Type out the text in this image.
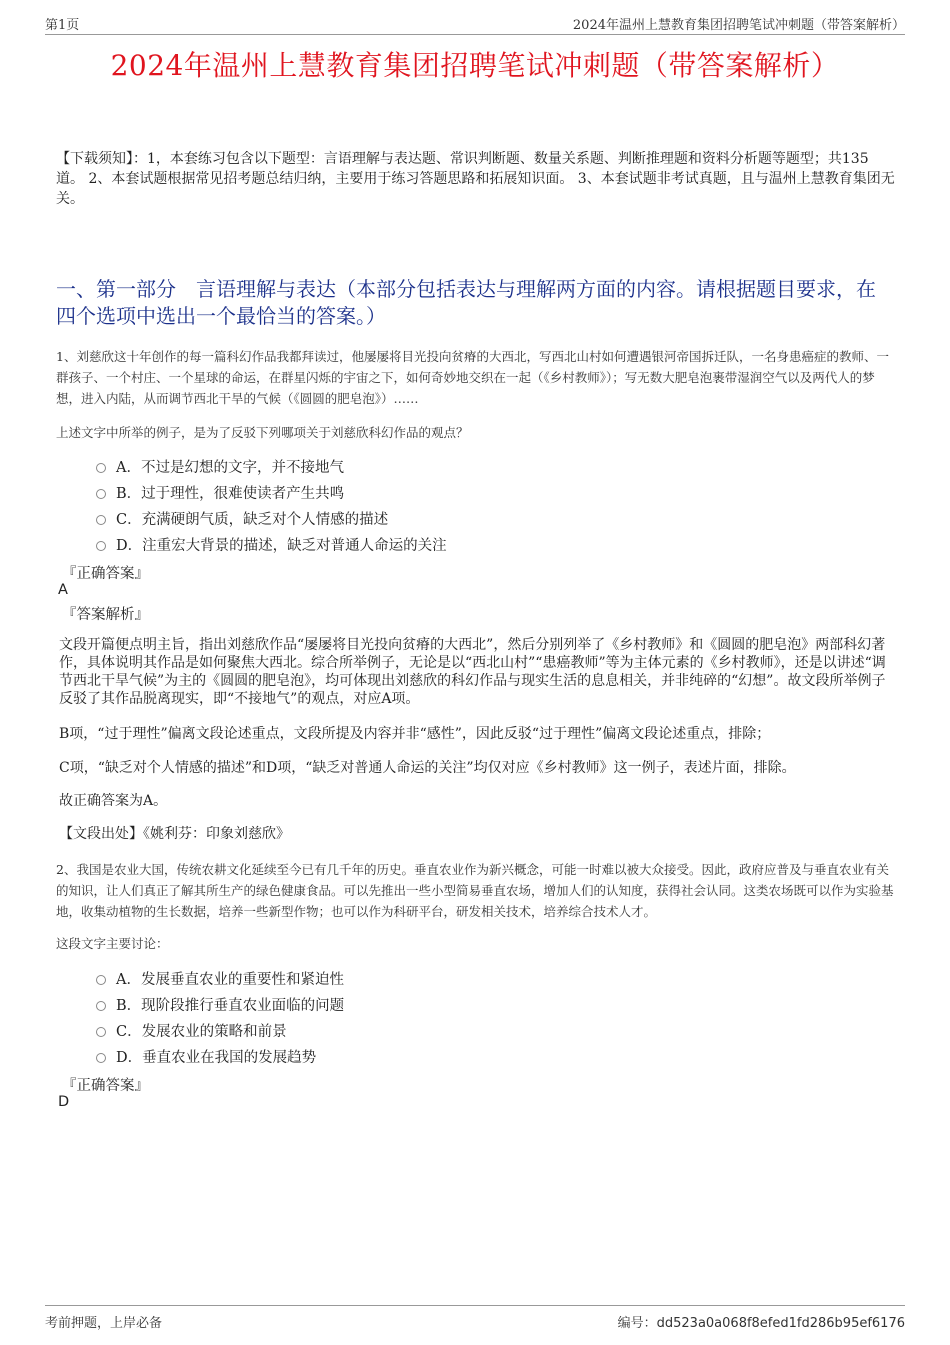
第1页	2024年温州上慧教育集团招聘笔试冲刺题（带答案解析）
2024年温州上慧教育集团招聘笔试冲刺题（带答案解析）
【下载须知】：1，本套练习包含以下题型：言语理解与表达题、常识判断题、数量关系题、判断推理题和资料分析题等题型；共135道。 2、本套试题根据常见招考题总结归纳，主要用于练习答题思路和拓展知识面。 3、本套试题非考试真题，且与温州上慧教育集团无关。
一、第一部分　言语理解与表达（本部分包括表达与理解两方面的内容。请根据题目要求，在四个选项中选出一个最恰当的答案。）
1、刘慈欣这十年创作的每一篇科幻作品我都拜读过，他屡屡将目光投向贫瘠的大西北，写西北山村如何遭遇银河帝国拆迁队，一名身患癌症的教师、一群孩子、一个村庄、一个星球的命运，在群星闪烁的宇宙之下，如何奇妙地交织在一起（《乡村教师》）；写无数大肥皂泡裹带湿润空气以及两代人的梦想，进入内陆，从而调节西北干旱的气候（《圆圆的肥皂泡》）……
上述文字中所举的例子，是为了反驳下列哪项关于刘慈欣科幻作品的观点？
A．不过是幻想的文字，并不接地气
B．过于理性，很难使读者产生共鸣
C．充满硬朗气质，缺乏对个人情感的描述
D．注重宏大背景的描述，缺乏对普通人命运的关注
『正确答案』
A
『答案解析』
文段开篇便点明主旨，指出刘慈欣作品“屡屡将目光投向贫瘠的大西北”，然后分别列举了《乡村教师》和《圆圆的肥皂泡》两部科幻著作，具体说明其作品是如何聚焦大西北。综合所举例子，无论是以“西北山村”“患癌教师”等为主体元素的《乡村教师》，还是以讲述“调节西北干旱气候”为主的《圆圆的肥皂泡》，均可体现出刘慈欣的科幻作品与现实生活的息息相关，并非纯碎的“幻想”。故文段所举例子反驳了其作品脱离现实，即“不接地气”的观点，对应A项。
B项，“过于理性”偏离文段论述重点，文段所提及内容并非“感性”，因此反驳“过于理性”偏离文段论述重点，排除；
C项，“缺乏对个人情感的描述”和D项，“缺乏对普通人命运的关注”均仅对应《乡村教师》这一例子，表述片面，排除。
故正确答案为A。
【文段出处】《姚利芬：印象刘慈欣》
2、我国是农业大国，传统农耕文化延续至今已有几千年的历史。垂直农业作为新兴概念，可能一时难以被大众接受。因此，政府应普及与垂直农业有关的知识，让人们真正了解其所生产的绿色健康食品。可以先推出一些小型简易垂直农场，增加人们的认知度，获得社会认同。这类农场既可以作为实验基地，收集动植物的生长数据，培养一些新型作物；也可以作为科研平台，研发相关技术，培养综合技术人才。
这段文字主要讨论：
A．发展垂直农业的重要性和紧迫性
B．现阶段推行垂直农业面临的问题
C．发展农业的策略和前景
D．垂直农业在我国的发展趋势
『正确答案』
D
考前押题，上岸必备	编号：dd523a0a068f8efed1fd286b95ef6176
